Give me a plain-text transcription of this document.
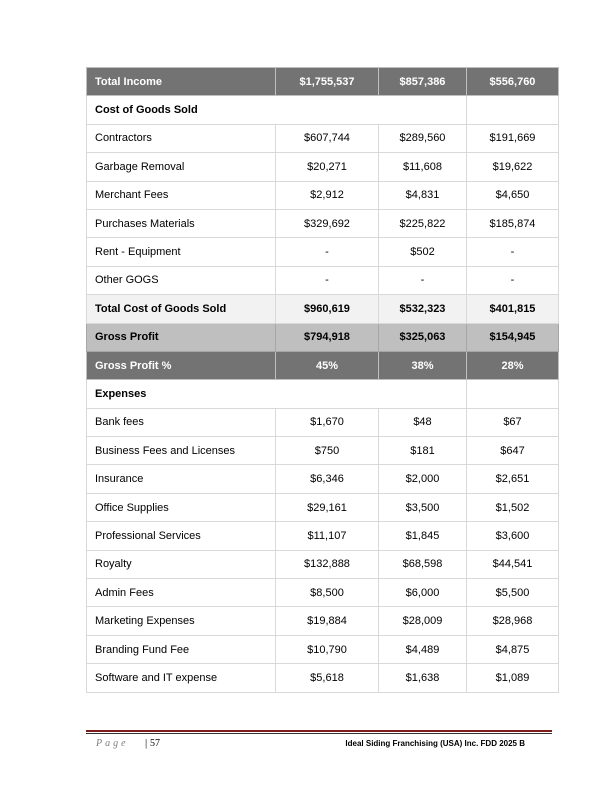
Total Income	$1,755,537	$857,386	$556,760
Cost of Goods Sold			
Contractors	$607,744	$289,560	$191,669
Garbage Removal	$20,271	$11,608	$19,622
Merchant Fees	$2,912	$4,831	$4,650
Purchases Materials	$329,692	$225,822	$185,874
Rent - Equipment	-	$502	-
Other GOGS	-	-	-
Total Cost of Goods Sold	$960,619	$532,323	$401,815
Gross Profit	$794,918	$325,063	$154,945
Gross Profit %	45%	38%	28%
Expenses			
Bank fees	$1,670	$48	$67
Business Fees and Licenses	$750	$181	$647
Insurance	$6,346	$2,000	$2,651
Office Supplies	$29,161	$3,500	$1,502
Professional Services	$11,107	$1,845	$3,600
Royalty	$132,888	$68,598	$44,541
Admin Fees	$8,500	$6,000	$5,500
Marketing Expenses	$19,884	$28,009	$28,968
Branding Fund Fee	$10,790	$4,489	$4,875
Software and IT expense	$5,618	$1,638	$1,089
Page | 57	Ideal Siding Franchising (USA) Inc. FDD 2025 B
